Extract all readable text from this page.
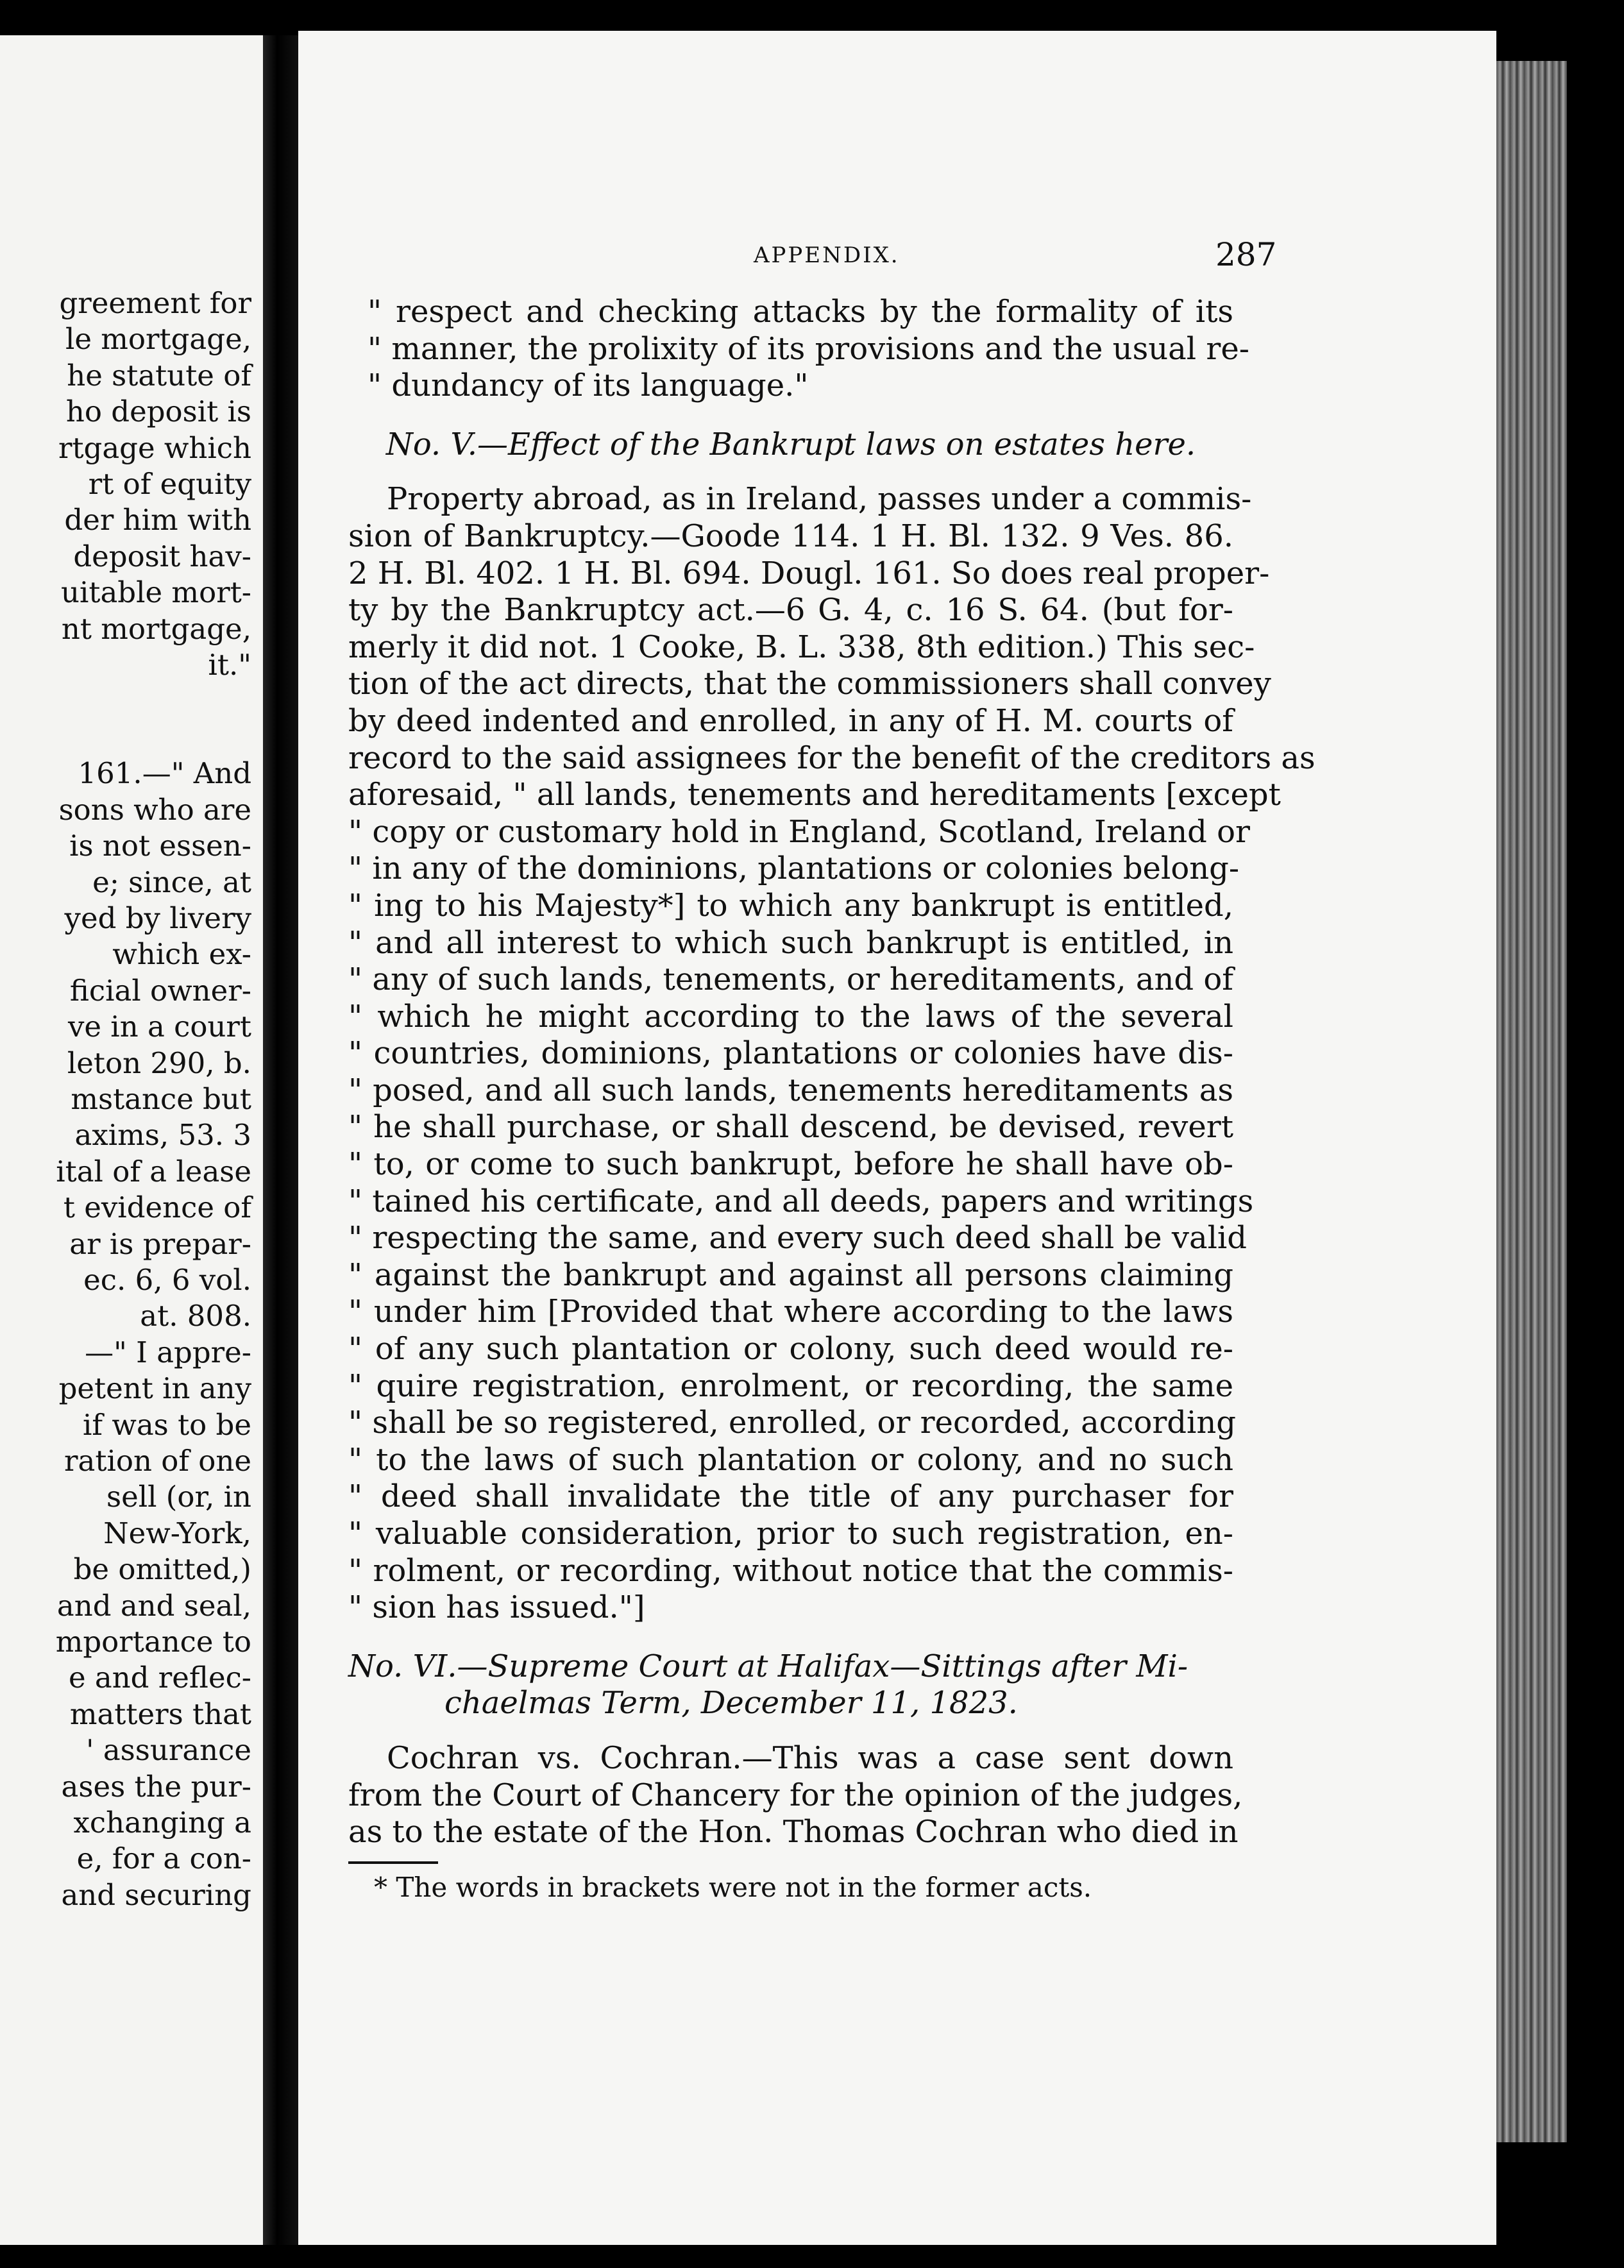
greement for
le mortgage,
he statute of
ho deposit is
rtgage which
rt of equity
der him with
deposit hav-
uitable mort-
nt mortgage,
it."

161.—" And
sons who are
is not essen-
e; since, at
yed by livery
which ex-
ficial owner-
ve in a court
leton 290, b.
mstance but
axims, 53. 3
ital of a lease
t evidence of
ar is prepar-
ec. 6, 6 vol.
at. 808.
—" I appre-
petent in any
if was to be
ration of one
sell (or, in
New-York,
be omitted,)
and and seal,
mportance to
e and reflec-
matters that
' assurance
ases the pur-
xchanging a
e, for a con-
and securing
APPENDIX.	287
" respect and checking attacks by the formality of its
" manner, the prolixity of its provisions and the usual re-
" dundancy of its language."
No. V.—Effect of the Bankrupt laws on estates here.
Property abroad, as in Ireland, passes under a commis-
sion of Bankruptcy.—Goode 114. 1 H. Bl. 132. 9 Ves. 86.
2 H. Bl. 402. 1 H. Bl. 694. Dougl. 161. So does real proper-
ty by the Bankruptcy act.—6 G. 4, c. 16 S. 64. (but for-
merly it did not. 1 Cooke, B. L. 338, 8th edition.) This sec-
tion of the act directs, that the commissioners shall convey
by deed indented and enrolled, in any of H. M. courts of
record to the said assignees for the benefit of the creditors as
aforesaid, " all lands, tenements and hereditaments [except
" copy or customary hold in England, Scotland, Ireland or
" in any of the dominions, plantations or colonies belong-
" ing to his Majesty*] to which any bankrupt is entitled,
" and all interest to which such bankrupt is entitled, in
" any of such lands, tenements, or hereditaments, and of
" which he might according to the laws of the several
" countries, dominions, plantations or colonies have dis-
" posed, and all such lands, tenements hereditaments as
" he shall purchase, or shall descend, be devised, revert
" to, or come to such bankrupt, before he shall have ob-
" tained his certificate, and all deeds, papers and writings
" respecting the same, and every such deed shall be valid
" against the bankrupt and against all persons claiming
" under him [Provided that where according to the laws
" of any such plantation or colony, such deed would re-
" quire registration, enrolment, or recording, the same
" shall be so registered, enrolled, or recorded, according
" to the laws of such plantation or colony, and no such
" deed shall invalidate the title of any purchaser for
" valuable consideration, prior to such registration, en-
" rolment, or recording, without notice that the commis-
" sion has issued."]
No. VI.—Supreme Court at Halifax—Sittings after Mi-
chaelmas Term, December 11, 1823.
Cochran vs. Cochran.—This was a case sent down
from the Court of Chancery for the opinion of the judges,
as to the estate of the Hon. Thomas Cochran who died in
* The words in brackets were not in the former acts.
